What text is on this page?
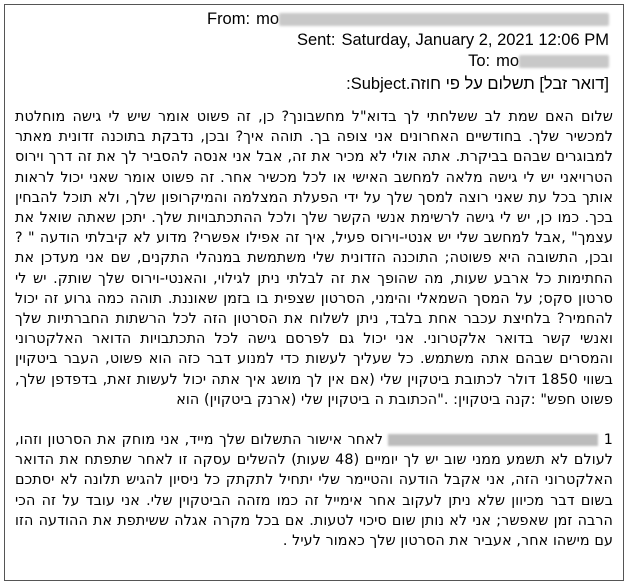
From: mo
Sent: Saturday, January 2, 2021 12:06 PM
To: mo
[דואר זבל] תשלום על פי חוזה.Subject:

שלום האם שמת לב ששלחתי לך בדוא"ל מחשבונך? כן, זה פשוט אומר שיש לי גישה מוחלטת למכשיר שלך. בחודשיים האחרונים אני צופה בך. תוהה איך? ובכן, נדבקת בתוכנה זדונית מאתר למבוגרים שבהם בביקרת. אתה אולי לא מכיר את זה, אבל אני אנסה להסביר לך את זה דרך וירוס הטרויאני יש לי גישה מלאה למחשב האישי או לכל מכשיר אחר. זה פשוט אומר שאני יכול לראות אותך בכל עת שאני רוצה למסך שלך על ידי הפעלת המצלמה והמיקרופון שלך, ולא תוכל להבחין בכך. כמו כן, יש לי גישה לרשימת אנשי הקשר שלך ולכל ההתכתבויות שלך. יתכן שאתה שואל את עצמך" ,אבל למחשב שלי יש אנטי-וירוס פעיל, איך זה אפילו אפשרי? מדוע לא קיבלתי הודעה " ?ובכן, התשובה היא פשוטה; התוכנה הזדונית שלי משתמשת במנהלי התקנים, שם אני מעדכן את החתימות כל ארבע שעות, מה שהופך את זה לבלתי ניתן לגילוי, והאנטי-וירוס שלך שותק. יש לי סרטון סקס; על המסך השמאלי והימני, הסרטון שצפית בו בזמן שאוננת. תוהה כמה גרוע זה יכול להחמיר? בלחיצת עכבר אחת בלבד, ניתן לשלוח את הסרטון הזה לכל הרשתות החברתיות שלך ואנשי קשר בדואר אלקטרוני. אני יכול גם לפרסם גישה לכל התכתבויות הדואר האלקטרוני והמסרים שבהם אתה משתמש. כל שעליך לעשות כדי למנוע דבר כזה הוא פשוט, העבר ביטקוין בשווי 1850 דולר לכתובת ביטקוין שלי (אם אין לך מושג איך אתה יכול לעשות זאת, בדפדפן שלך, פשוט חפש" :קנה ביטקוין: ."הכתובת ה ביטקוין שלי (ארנק ביטקוין) הוא

1  לאחר אישור התשלום שלך מייד, אני מוחק את הסרטון וזהו, לעולם לא תשמע ממני שוב יש לך יומיים (48 שעות) להשלים עסקה זו לאחר שתפתח את הדואר האלקטרוני הזה, אני אקבל הודעה והטיימר שלי יתחיל לתקתק כל ניסיון להגיש תלונה לא יסתכם בשום דבר מכיוון שלא ניתן לעקוב אחר אימייל זה כמו מזהה הביטקוין שלי. אני עובד על זה הכי הרבה זמן שאפשר; אני לא נותן שום סיכוי לטעות. אם בכל מקרה אגלה ששיתפת את ההודעה הזו עם מישהו אחר, אעביר את הסרטון שלך כאמור לעיל .
